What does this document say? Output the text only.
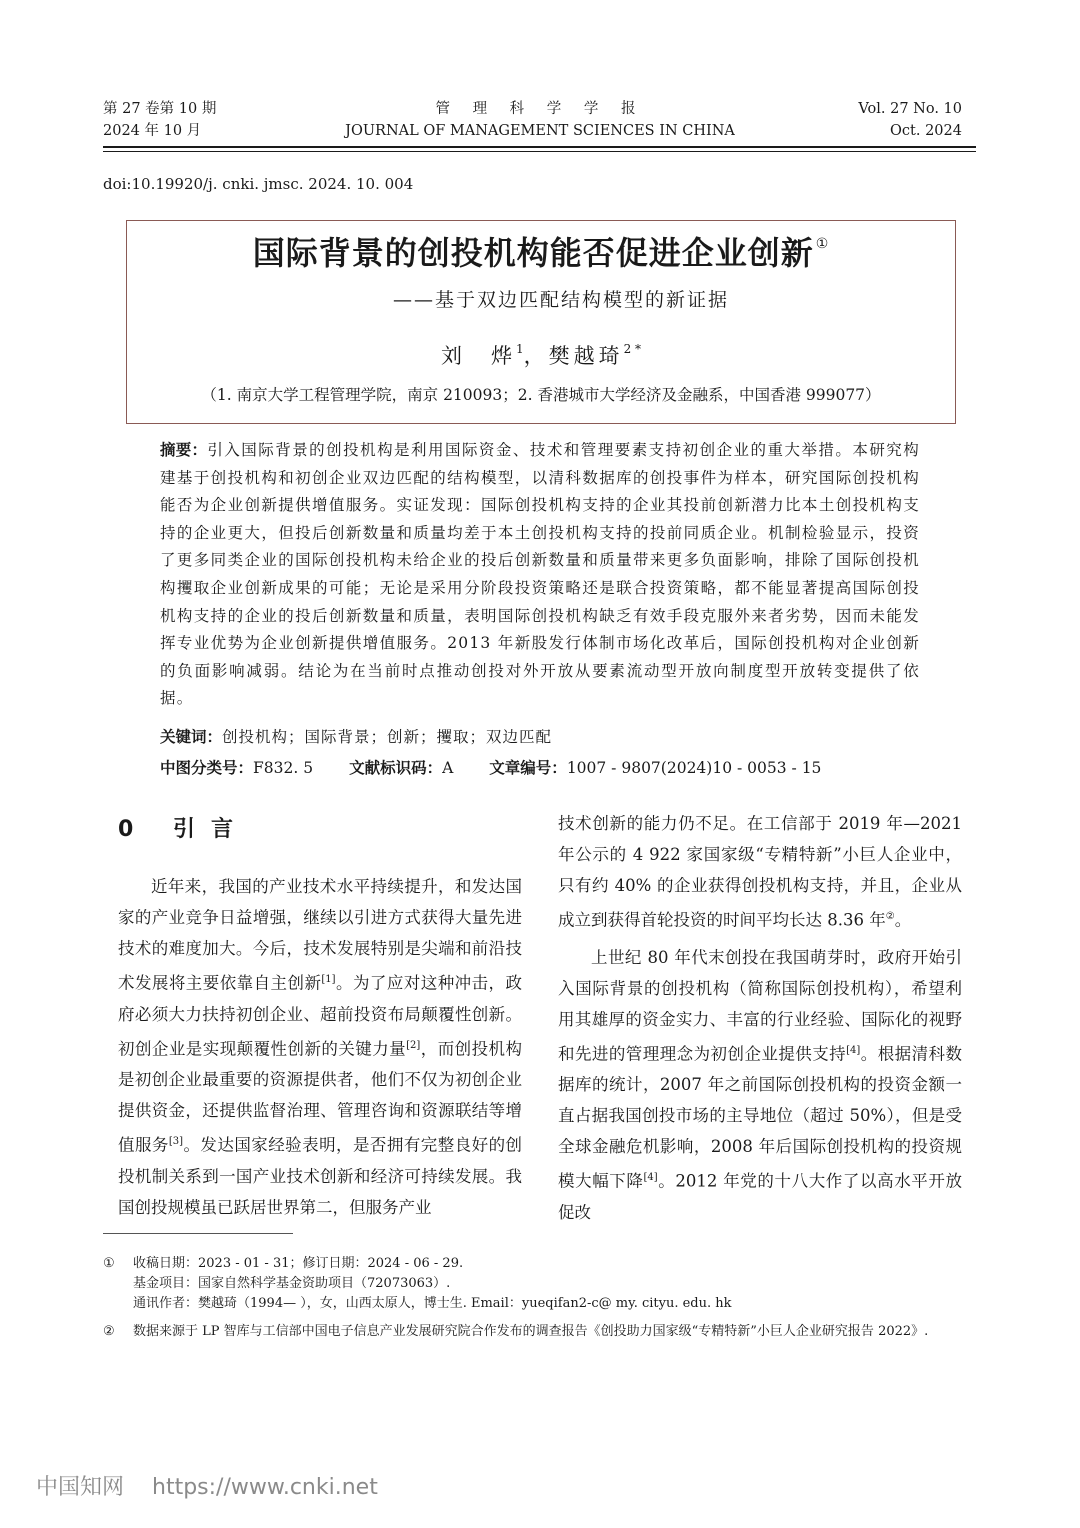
第 27 卷第 10 期
2024 年 10 月
管 理 科 学 学 报
JOURNAL OF MANAGEMENT SCIENCES IN CHINA
Vol. 27 No. 10
Oct. 2024
doi:10.19920/j. cnki. jmsc. 2024. 10. 004
国际背景的创投机构能否促进企业创新 ①
——基于双边匹配结构模型的新证据
刘　烨$^1$，樊越琦$^{2 *}$
（1. 南京大学工程管理学院，南京 210093；2. 香港城市大学经济及金融系，中国香港 999077）
摘要：引入国际背景的创投机构是利用国际资金、技术和管理要素支持初创企业的重大举措。本研究构建基于创投机构和初创企业双边匹配的结构模型，以清科数据库的创投事件为样本，研究国际创投机构能否为企业创新提供增值服务。实证发现：国际创投机构支持的企业其投前创新潜力比本土创投机构支持的企业更大，但投后创新数量和质量均差于本土创投机构支持的投前同质企业。机制检验显示，投资了更多同类企业的国际创投机构未给企业的投后创新数量和质量带来更多负面影响，排除了国际创投机构攫取企业创新成果的可能；无论是采用分阶段投资策略还是联合投资策略，都不能显著提高国际创投机构支持的企业的投后创新数量和质量，表明国际创投机构缺乏有效手段克服外来者劣势，因而未能发挥专业优势为企业创新提供增值服务。2013 年新股发行体制市场化改革后，国际创投机构对企业创新的负面影响减弱。结论为在当前时点推动创投对外开放从要素流动型开放向制度型开放转变提供了依据。
关键词：创投机构；国际背景；创新；攫取；双边匹配
中图分类号：F832. 5 文献标识码：A 文章编号：1007 - 9807(2024)10 - 0053 - 15
0 引言

近年来，我国的产业技术水平持续提升，和发达国家的产业竞争日益增强，继续以引进方式获得大量先进技术的难度加大。今后，技术发展特别是尖端和前沿技术发展将主要依靠自主创新[1]。为了应对这种冲击，政府必须大力扶持初创企业、超前投资布局颠覆性创新。初创企业是实现颠覆性创新的关键力量[2]，而创投机构是初创企业最重要的资源提供者，他们不仅为初创企业提供资金，还提供监督治理、管理咨询和资源联结等增值服务[3]。发达国家经验表明，是否拥有完整良好的创投机制关系到一国产业技术创新和经济可持续发展。我国创投规模虽已跃居世界第二，但服务产业

技术创新的能力仍不足。在工信部于 2019 年—2021 年公示的 4 922 家国家级“专精特新”小巨人企业中，只有约 40% 的企业获得创投机构支持，并且，企业从成立到获得首轮投资的时间平均长达 8.36 年②。

上世纪 80 年代末创投在我国萌芽时，政府开始引入国际背景的创投机构（简称国际创投机构），希望利用其雄厚的资金实力、丰富的行业经验、国际化的视野和先进的管理理念为初创企业提供支持[4]。根据清科数据库的统计，2007 年之前国际创投机构的投资金额一直占据我国创投市场的主导地位（超过 50%），但是受全球金融危机影响，2008 年后国际创投机构的投资规模大幅下降[4]。2012 年党的十八大作了以高水平开放促改

① 收稿日期：2023 - 01 - 31；修订日期：2024 - 06 - 29.
基金项目：国家自然科学基金资助项目（72073063）.
通讯作者：樊越琦（1994— ），女，山西太原人，博士生. Email：yueqifan2-c@ my. cityu. edu. hk
② 数据来源于 LP 智库与工信部中国电子信息产业发展研究院合作发布的调查报告《创投助力国家级“专精特新”小巨人企业研究报告 2022》.
中国知网 https://www.cnki.net
